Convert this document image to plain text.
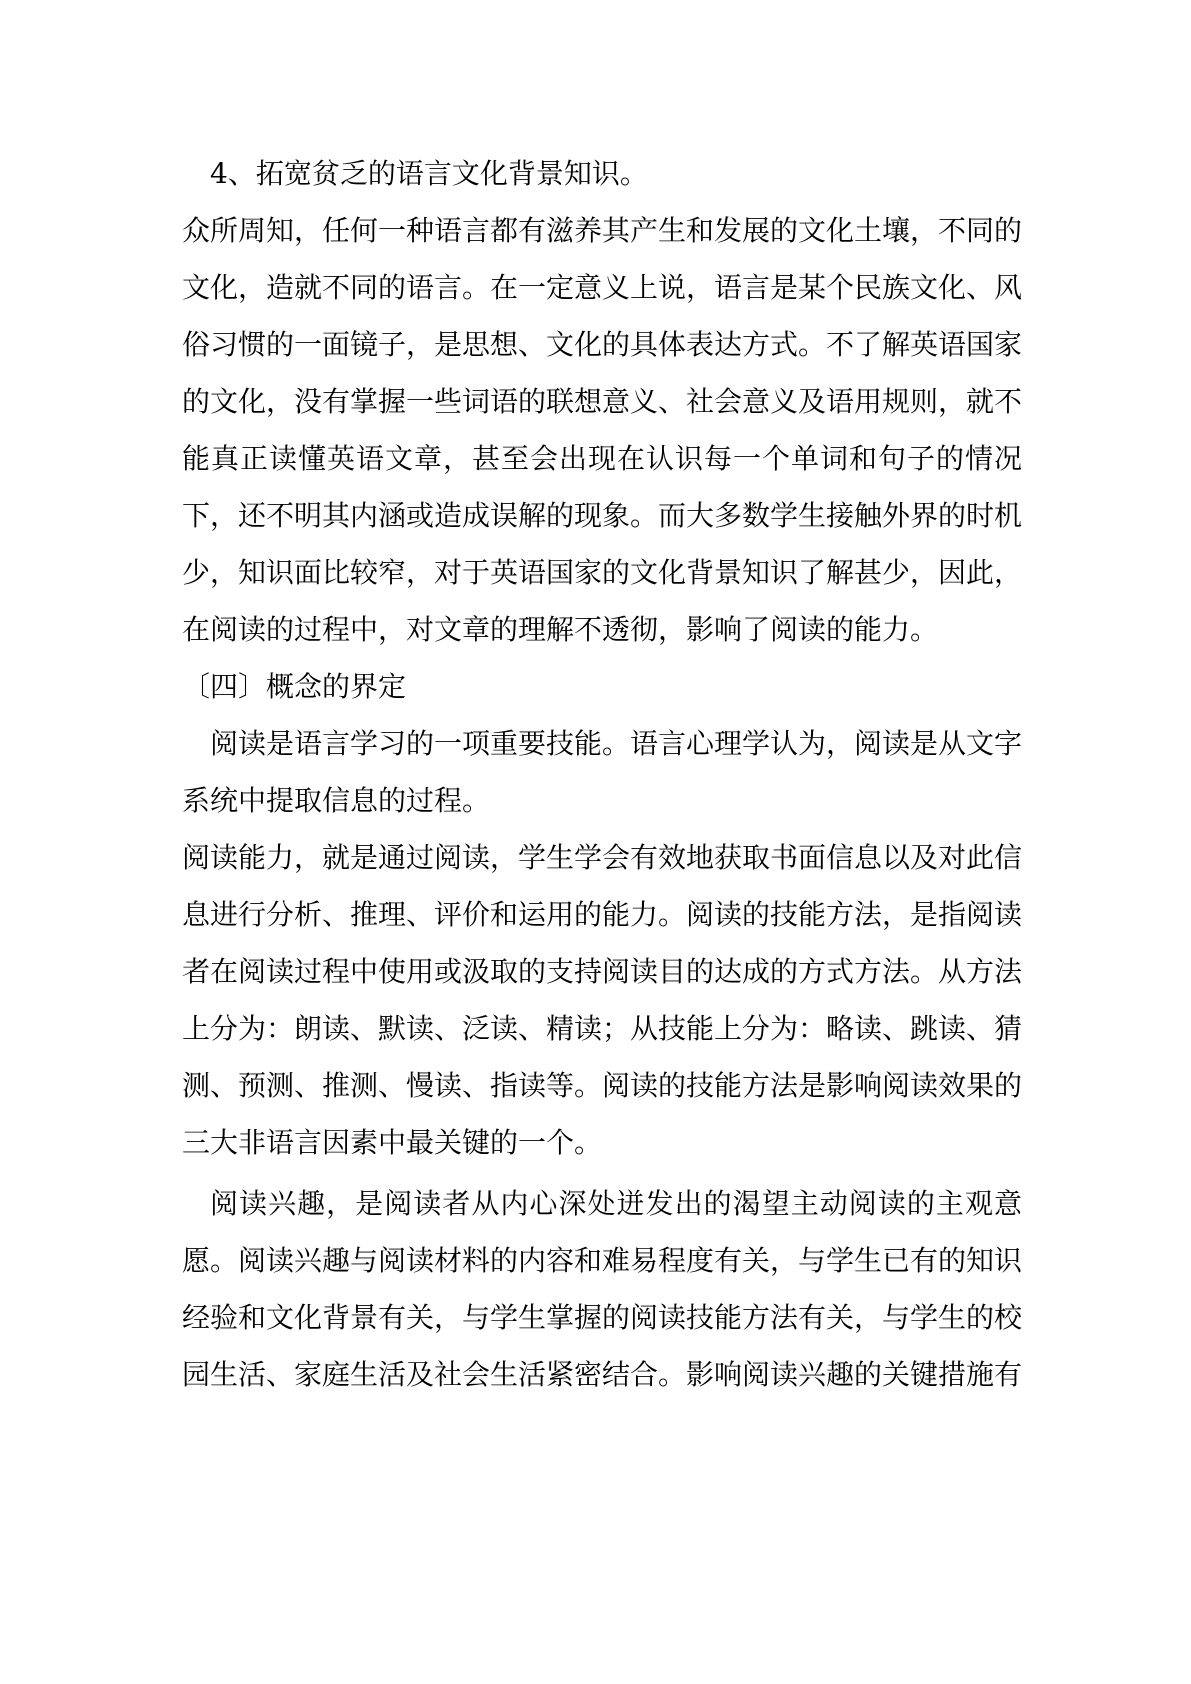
4、拓宽贫乏的语言文化背景知识。

众所周知，任何一种语言都有滋养其产生和发展的文化土壤，不同的文化，造就不同的语言。在一定意义上说，语言是某个民族文化、风俗习惯的一面镜子，是思想、文化的具体表达方式。不了解英语国家的文化，没有掌握一些词语的联想意义、社会意义及语用规则，就不能真正读懂英语文章，甚至会出现在认识每一个单词和句子的情况下，还不明其内涵或造成误解的现象。而大多数学生接触外界的时机少，知识面比较窄，对于英语国家的文化背景知识了解甚少，因此，在阅读的过程中，对文章的理解不透彻，影响了阅读的能力。

〔四〕概念的界定

阅读是语言学习的一项重要技能。语言心理学认为，阅读是从文字系统中提取信息的过程。

阅读能力，就是通过阅读，学生学会有效地获取书面信息以及对此信息进行分析、推理、评价和运用的能力。阅读的技能方法，是指阅读者在阅读过程中使用或汲取的支持阅读目的达成的方式方法。从方法上分为：朗读、默读、泛读、精读；从技能上分为：略读、跳读、猜测、预测、推测、慢读、指读等。阅读的技能方法是影响阅读效果的三大非语言因素中最关键的一个。

阅读兴趣，是阅读者从内心深处迸发出的渴望主动阅读的主观意愿。阅读兴趣与阅读材料的内容和难易程度有关，与学生已有的知识经验和文化背景有关，与学生掌握的阅读技能方法有关，与学生的校园生活、家庭生活及社会生活紧密结合。影响阅读兴趣的关键措施有
